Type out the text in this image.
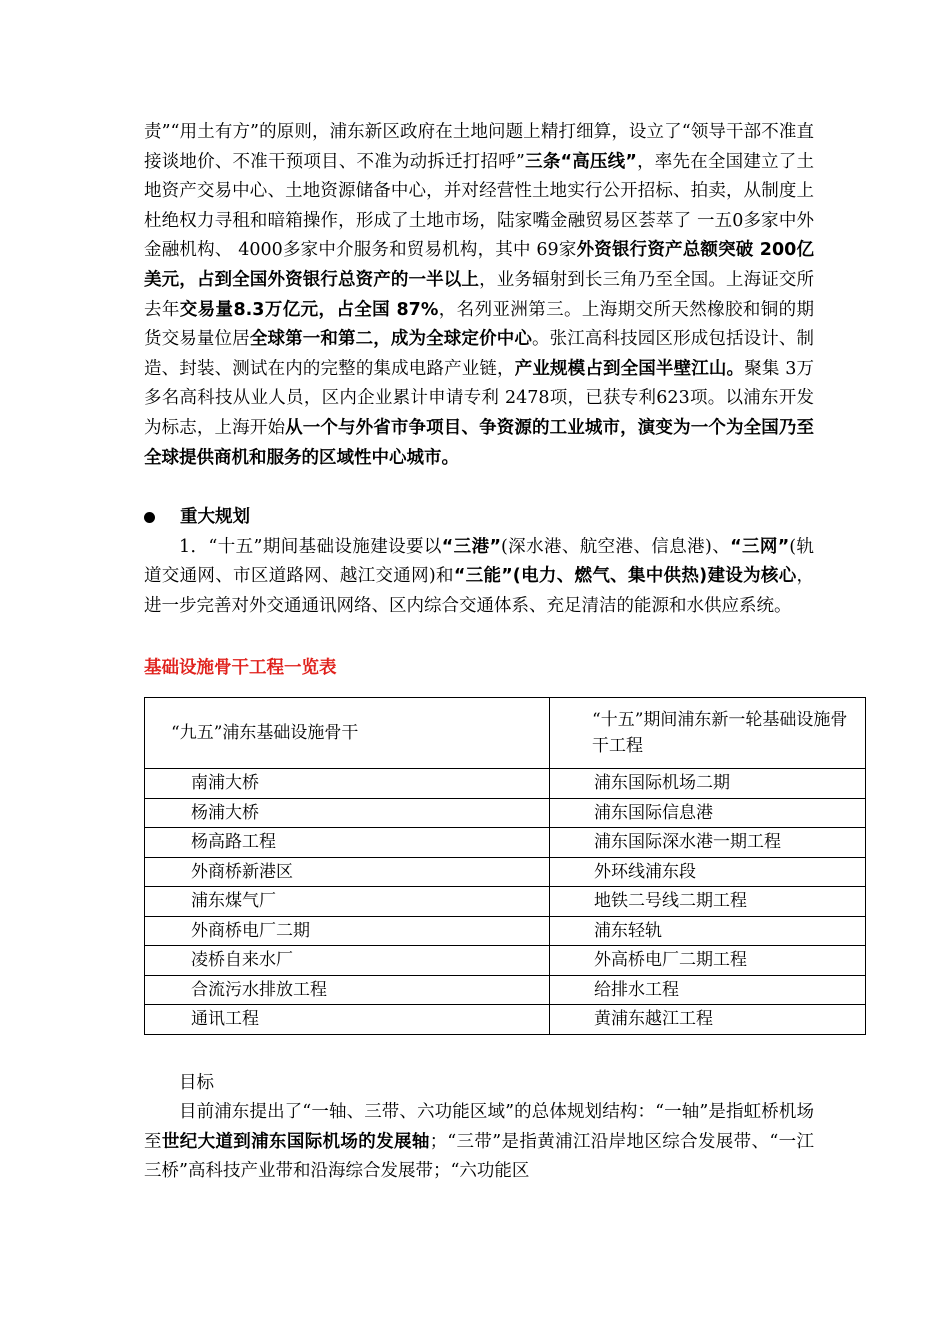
责”“用土有方”的原则，浦东新区政府在土地问题上精打细算，设立了“领导干部不准直接谈地价、不准干预项目、不准为动拆迁打招呼”三条“高压线”，率先在全国建立了土地资产交易中心、土地资源储备中心，并对经营性土地实行公开招标、拍卖，从制度上杜绝权力寻租和暗箱操作，形成了土地市场，陆家嘴金融贸易区荟萃了 一五0多家中外金融机构、 4000多家中介服务和贸易机构，其中 69家外资银行资产总额突破 200亿美元，占到全国外资银行总资产的一半以上，业务辐射到长三角乃至全国。上海证交所去年交易量8.3万亿元，占全国 87%，名列亚洲第三。上海期交所天然橡胶和铜的期货交易量位居全球第一和第二，成为全球定价中心。张江高科技园区形成包括设计、制造、封装、测试在内的完整的集成电路产业链，产业规模占到全国半壁江山。聚集 3万多名高科技从业人员，区内企业累计申请专利 2478项，已获专利623项。以浦东开发为标志，上海开始从一个与外省市争项目、争资源的工业城市，演变为一个为全国乃至全球提供商机和服务的区域性中心城市。

重大规划

1．“十五”期间基础设施建设要以“三港”(深水港、航空港、信息港)、“三网”(轨道交通网、市区道路网、越江交通网)和“三能”(电力、燃气、集中供热)建设为核心，进一步完善对外交通通讯网络、区内综合交通体系、充足清洁的能源和水供应系统。

基础设施骨干工程一览表
“九五”浦东基础设施骨干	“十五”期间浦东新一轮基础设施骨干工程
南浦大桥	浦东国际机场二期
杨浦大桥	浦东国际信息港
杨高路工程	浦东国际深水港一期工程
外商桥新港区	外环线浦东段
浦东煤气厂	地铁二号线二期工程
外商桥电厂二期	浦东轻轨
凌桥自来水厂	外高桥电厂二期工程
合流污水排放工程	给排水工程
通讯工程	黄浦东越江工程

目标

目前浦东提出了“一轴、三带、六功能区域”的总体规划结构：“一轴”是指虹桥机场至世纪大道到浦东国际机场的发展轴；“三带”是指黄浦江沿岸地区综合发展带、“一江三桥”高科技产业带和沿海综合发展带；“六功能区
